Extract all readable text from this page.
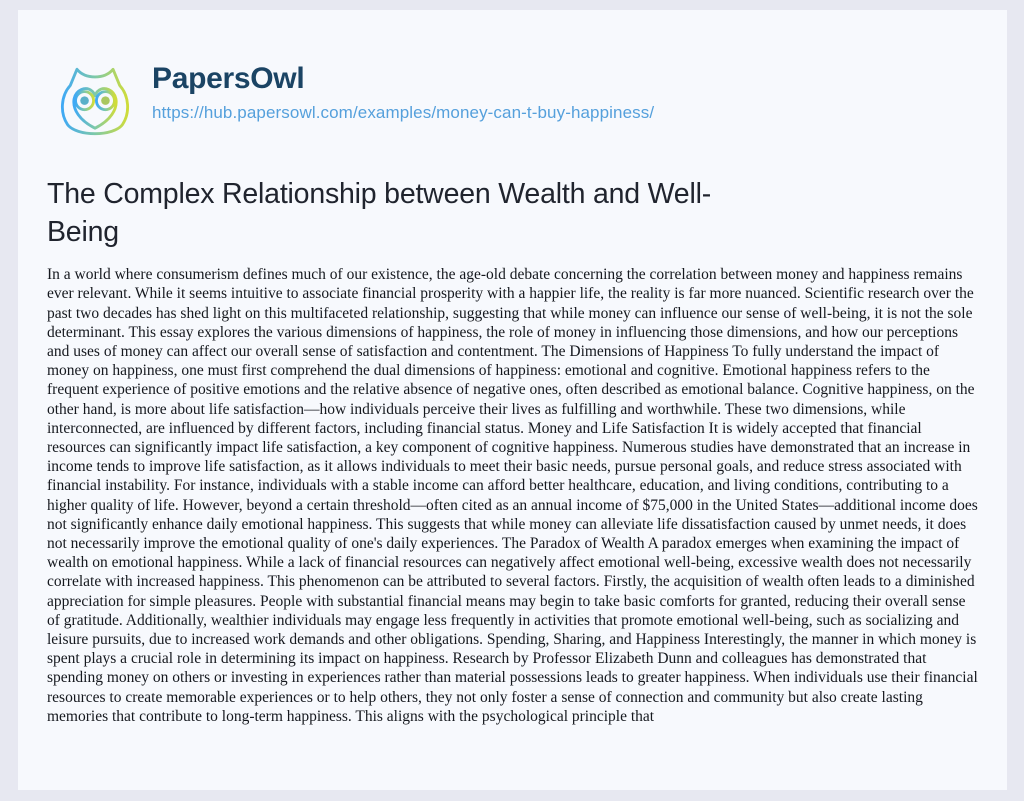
PapersOwl
https://hub.papersowl.com/examples/money-can-t-buy-happiness/
The Complex Relationship between Wealth and Well-Being

In a world where consumerism defines much of our existence, the age-old debate concerning the correlation between money and happiness remains ever relevant. While it seems intuitive to associate financial prosperity with a happier life, the reality is far more nuanced. Scientific research over the past two decades has shed light on this multifaceted relationship, suggesting that while money can influence our sense of well-being, it is not the sole determinant. This essay explores the various dimensions of happiness, the role of money in influencing those dimensions, and how our perceptions and uses of money can affect our overall sense of satisfaction and contentment. The Dimensions of Happiness To fully understand the impact of money on happiness, one must first comprehend the dual dimensions of happiness: emotional and cognitive. Emotional happiness refers to the frequent experience of positive emotions and the relative absence of negative ones, often described as emotional balance. Cognitive happiness, on the other hand, is more about life satisfaction—how individuals perceive their lives as fulfilling and worthwhile. These two dimensions, while interconnected, are influenced by different factors, including financial status. Money and Life Satisfaction It is widely accepted that financial resources can significantly impact life satisfaction, a key component of cognitive happiness. Numerous studies have demonstrated that an increase in income tends to improve life satisfaction, as it allows individuals to meet their basic needs, pursue personal goals, and reduce stress associated with financial instability. For instance, individuals with a stable income can afford better healthcare, education, and living conditions, contributing to a higher quality of life. However, beyond a certain threshold—often cited as an annual income of $75,000 in the United States—additional income does not significantly enhance daily emotional happiness. This suggests that while money can alleviate life dissatisfaction caused by unmet needs, it does not necessarily improve the emotional quality of one's daily experiences. The Paradox of Wealth A paradox emerges when examining the impact of wealth on emotional happiness. While a lack of financial resources can negatively affect emotional well-being, excessive wealth does not necessarily correlate with increased happiness. This phenomenon can be attributed to several factors. Firstly, the acquisition of wealth often leads to a diminished appreciation for simple pleasures. People with substantial financial means may begin to take basic comforts for granted, reducing their overall sense of gratitude. Additionally, wealthier individuals may engage less frequently in activities that promote emotional well-being, such as socializing and leisure pursuits, due to increased work demands and other obligations. Spending, Sharing, and Happiness Interestingly, the manner in which money is spent plays a crucial role in determining its impact on happiness. Research by Professor Elizabeth Dunn and colleagues has demonstrated that spending money on others or investing in experiences rather than material possessions leads to greater happiness. When individuals use their financial resources to create memorable experiences or to help others, they not only foster a sense of connection and community but also create lasting memories that contribute to long-term happiness. This aligns with the psychological principle that
